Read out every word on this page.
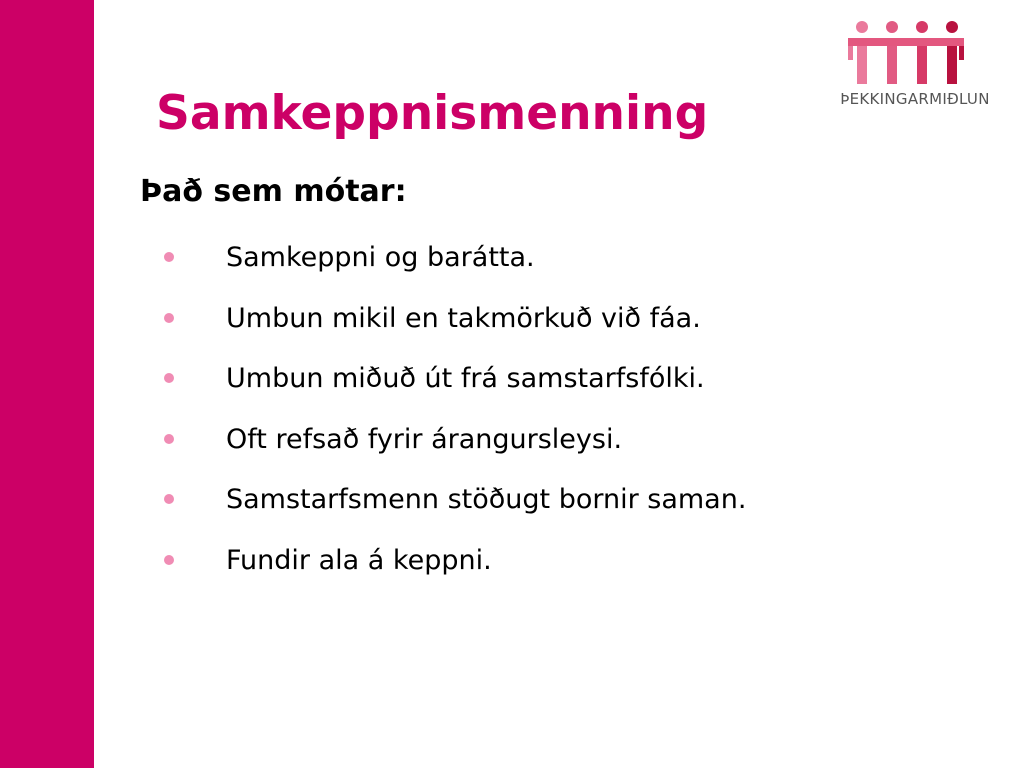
ÞEKKINGARMIÐLUN
Samkeppnismenning
Það sem mótar:
Samkeppni og barátta.
Umbun mikil en takmörkuð við fáa.
Umbun miðuð út frá samstarfsfólki.
Oft refsað fyrir árangursleysi.
Samstarfsmenn stöðugt bornir saman.
Fundir ala á keppni.
